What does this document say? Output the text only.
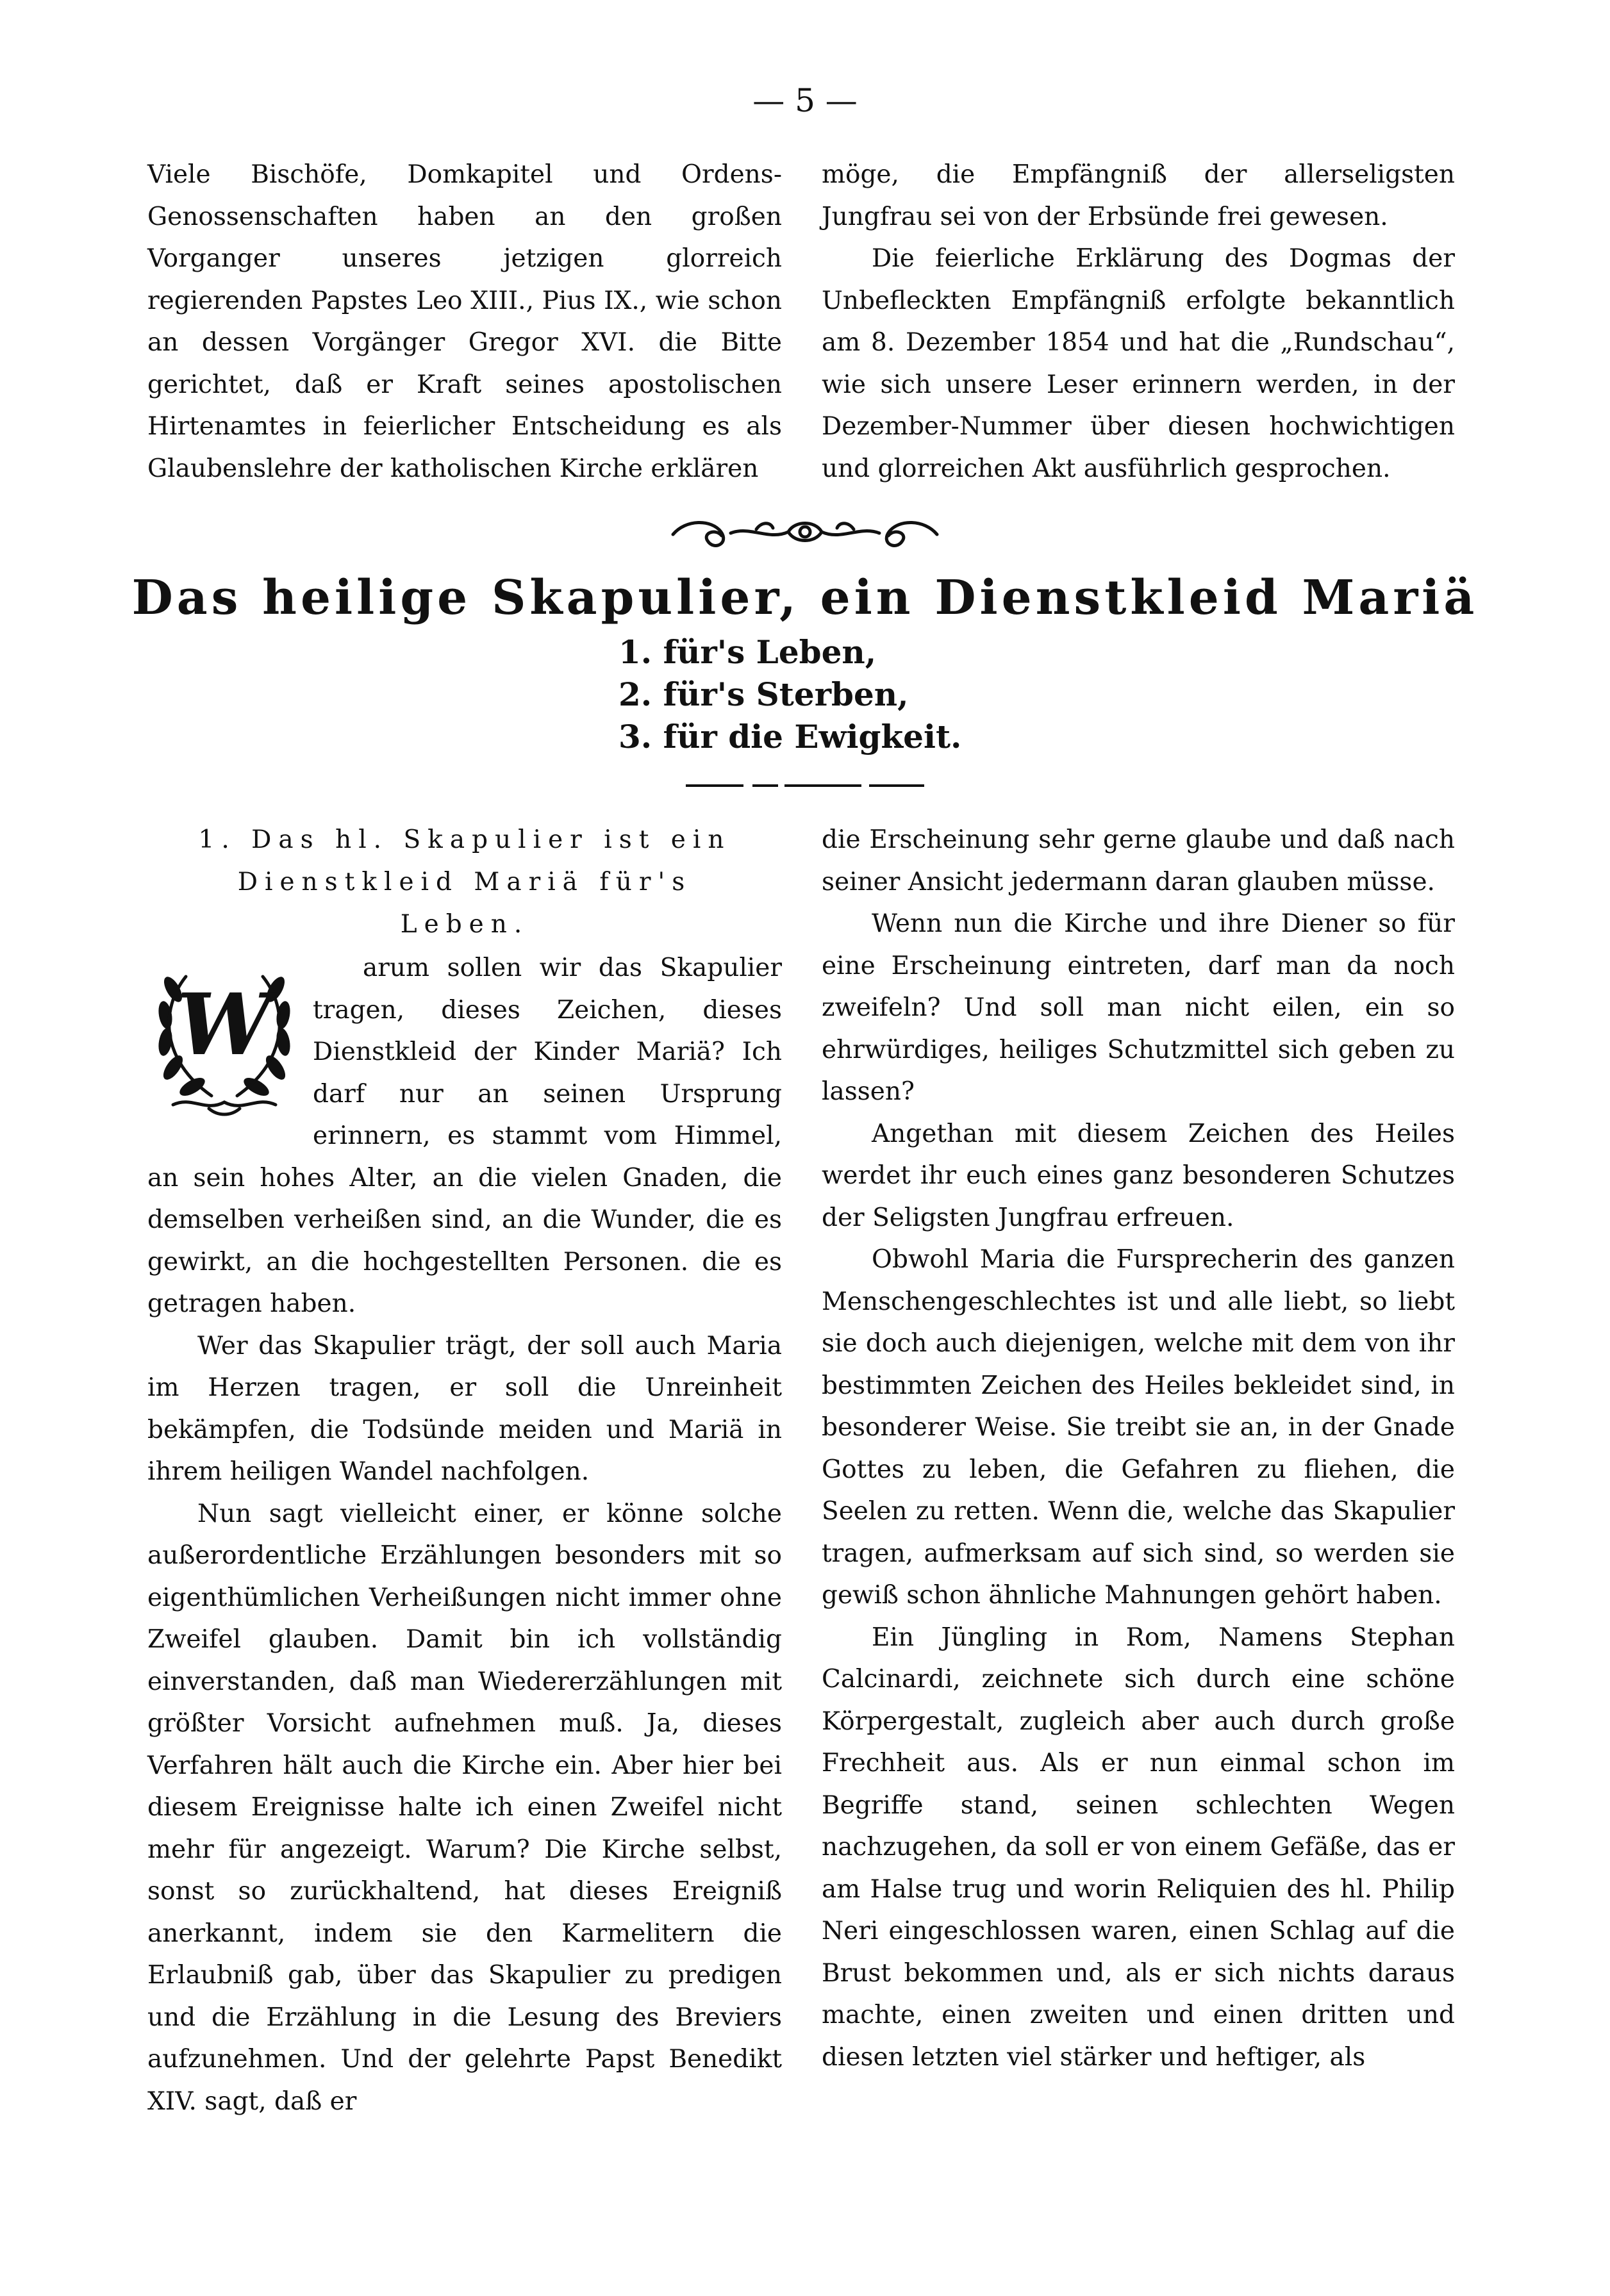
— 5 —

Viele Bischöfe, Domkapitel und Ordens-Genossenschaften haben an den großen Vorganger unseres jetzigen glorreich regierenden Papstes Leo XIII., Pius IX., wie schon an dessen Vorgänger Gregor XVI. die Bitte gerichtet, daß er Kraft seines apostolischen Hirtenamtes in feierlicher Entscheidung es als Glaubenslehre der katholischen Kirche erklären

möge, die Empfängniß der allerseligsten Jungfrau sei von der Erbsünde frei gewesen.

Die feierliche Erklärung des Dogmas der Unbefleckten Empfängniß erfolgte bekanntlich am 8. Dezember 1854 und hat die „Rundschau“, wie sich unsere Leser erinnern werden, in der Dezember-Nummer über diesen hochwichtigen und glorreichen Akt ausführlich gesprochen.

Das heilige Skapulier, ein Dienstkleid Mariä
1. für's Leben,
2. für's Sterben,
3. für die Ewigkeit.
1. Das hl. Skapulier ist ein
Dienstkleid Mariä für's
Leben.
W

arum sollen wir das Skapulier tragen, dieses Zeichen, dieses Dienstkleid der Kinder Mariä? Ich darf nur an seinen Ursprung erinnern, es stammt vom Himmel, an sein hohes Alter, an die vielen Gnaden, die demselben verheißen sind, an die Wunder, die es gewirkt, an die hochgestellten Personen. die es getragen haben.

Wer das Skapulier trägt, der soll auch Maria im Herzen tragen, er soll die Unreinheit bekämpfen, die Todsünde meiden und Mariä in ihrem heiligen Wandel nachfolgen.

Nun sagt vielleicht einer, er könne solche außerordentliche Erzählungen besonders mit so eigenthümlichen Verheißungen nicht immer ohne Zweifel glauben. Damit bin ich vollständig einverstanden, daß man Wiedererzählungen mit größter Vorsicht aufnehmen muß. Ja, dieses Verfahren hält auch die Kirche ein. Aber hier bei diesem Ereignisse halte ich einen Zweifel nicht mehr für angezeigt. Warum? Die Kirche selbst, sonst so zurückhaltend, hat dieses Ereigniß anerkannt, indem sie den Karmelitern die Erlaubniß gab, über das Skapulier zu predigen und die Erzählung in die Lesung des Breviers aufzunehmen. Und der gelehrte Papst Benedikt XIV. sagt, daß er

die Erscheinung sehr gerne glaube und daß nach seiner Ansicht jedermann daran glauben müsse.

Wenn nun die Kirche und ihre Diener so für eine Erscheinung eintreten, darf man da noch zweifeln? Und soll man nicht eilen, ein so ehrwürdiges, heiliges Schutzmittel sich geben zu lassen?

Angethan mit diesem Zeichen des Heiles werdet ihr euch eines ganz besonderen Schutzes der Seligsten Jungfrau erfreuen.

Obwohl Maria die Fursprecherin des ganzen Menschengeschlechtes ist und alle liebt, so liebt sie doch auch diejenigen, welche mit dem von ihr bestimmten Zeichen des Heiles bekleidet sind, in besonderer Weise. Sie treibt sie an, in der Gnade Gottes zu leben, die Gefahren zu fliehen, die Seelen zu retten. Wenn die, welche das Skapulier tragen, aufmerksam auf sich sind, so werden sie gewiß schon ähnliche Mahnungen gehört haben.

Ein Jüngling in Rom, Namens Stephan Calcinardi, zeichnete sich durch eine schöne Körpergestalt, zugleich aber auch durch große Frechheit aus. Als er nun einmal schon im Begriffe stand, seinen schlechten Wegen nachzugehen, da soll er von einem Gefäße, das er am Halse trug und worin Reliquien des hl. Philip Neri eingeschlossen waren, einen Schlag auf die Brust bekommen und, als er sich nichts daraus machte, einen zweiten und einen dritten und diesen letzten viel stärker und heftiger, als
